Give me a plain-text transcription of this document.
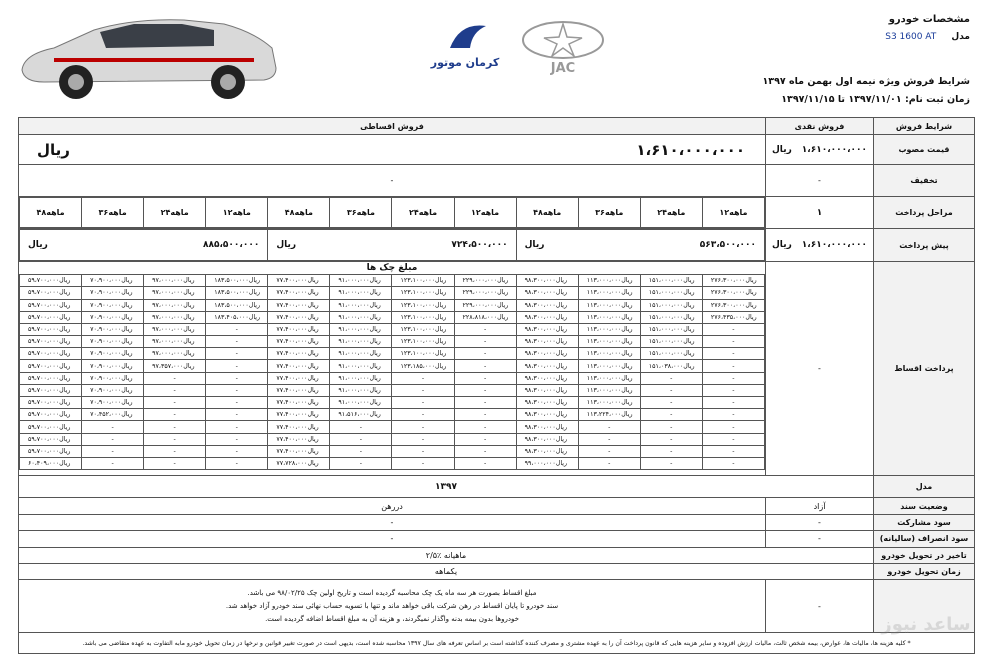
کرمان موتور	JAC
مشخصات خودرو
مدل S3 1600 AT
شرایط فروش ویژه نیمه اول بهمن ماه ۱۳۹۷
زمان ثبت نام: ۱۳۹۷/۱۱/۰۱ تا ۱۳۹۷/۱۱/۱۵
فروش اقساطی	فروش نقدی	شرایط فروش

ریال	۱،۶۱۰،۰۰۰،۰۰۰	ریال ۱،۶۱۰،۰۰۰،۰۰۰	قیمت مصوب
-	-	تخفیف

۴۸ماهه	۳۶ماهه	۲۴ماهه	۱۲ماهه	۴۸ماهه	۳۶ماهه	۲۴ماهه	۱۲ماهه	۴۸ماهه	۳۶ماهه	۲۴ماهه	۱۲ماهه
		۱	مراحل پرداخت

ریال	۸۸۵،۵۰۰،۰۰۰	ریال	۷۲۴،۵۰۰،۰۰۰	ریال	۵۶۳،۵۰۰،۰۰۰
	ریال ۱،۶۱۰،۰۰۰،۰۰۰	پیش پرداخت

مبلغ چک ها
ریال۵۹،۷۰۰،۰۰۰	ریال۷۰،۹۰۰،۰۰۰	ریال۹۷،۰۰۰،۰۰۰	ریال۱۸۳،۵۰۰،۰۰۰	ریال۷۷،۴۰۰،۰۰۰	ریال۹۱،۰۰۰،۰۰۰	ریال۱۲۳،۱۰۰،۰۰۰	ریال۲۲۹،۰۰۰،۰۰۰	ریال۹۸،۳۰۰،۰۰۰	ریال۱۱۳،۰۰۰،۰۰۰	ریال۱۵۱،۰۰۰،۰۰۰	ریال۲۷۶،۳۰۰،۰۰۰
ریال۵۹،۷۰۰،۰۰۰	ریال۷۰،۹۰۰،۰۰۰	ریال۹۷،۰۰۰،۰۰۰	ریال۱۸۳،۵۰۰،۰۰۰	ریال۷۷،۴۰۰،۰۰۰	ریال۹۱،۰۰۰،۰۰۰	ریال۱۲۳،۱۰۰،۰۰۰	ریال۲۲۹،۰۰۰،۰۰۰	ریال۹۸،۳۰۰،۰۰۰	ریال۱۱۳،۰۰۰،۰۰۰	ریال۱۵۱،۰۰۰،۰۰۰	ریال۲۷۶،۳۰۰،۰۰۰
ریال۵۹،۷۰۰،۰۰۰	ریال۷۰،۹۰۰،۰۰۰	ریال۹۷،۰۰۰،۰۰۰	ریال۱۸۳،۵۰۰،۰۰۰	ریال۷۷،۴۰۰،۰۰۰	ریال۹۱،۰۰۰،۰۰۰	ریال۱۲۳،۱۰۰،۰۰۰	ریال۲۲۹،۰۰۰،۰۰۰	ریال۹۸،۳۰۰،۰۰۰	ریال۱۱۳،۰۰۰،۰۰۰	ریال۱۵۱،۰۰۰،۰۰۰	ریال۲۷۶،۳۰۰،۰۰۰
ریال۵۹،۷۰۰،۰۰۰	ریال۷۰،۹۰۰،۰۰۰	ریال۹۷،۰۰۰،۰۰۰	ریال۱۸۳،۴۰۵،۰۰۰	ریال۷۷،۴۰۰،۰۰۰	ریال۹۱،۰۰۰،۰۰۰	ریال۱۲۳،۱۰۰،۰۰۰	ریال۲۲۸،۸۱۸،۰۰۰	ریال۹۸،۳۰۰،۰۰۰	ریال۱۱۳،۰۰۰،۰۰۰	ریال۱۵۱،۰۰۰،۰۰۰	ریال۲۷۶،۴۳۵،۰۰۰
ریال۵۹،۷۰۰،۰۰۰	ریال۷۰،۹۰۰،۰۰۰	ریال۹۷،۰۰۰،۰۰۰	-	ریال۷۷،۴۰۰،۰۰۰	ریال۹۱،۰۰۰،۰۰۰	ریال۱۲۳،۱۰۰،۰۰۰	-	ریال۹۸،۳۰۰،۰۰۰	ریال۱۱۳،۰۰۰،۰۰۰	ریال۱۵۱،۰۰۰،۰۰۰	-
ریال۵۹،۷۰۰،۰۰۰	ریال۷۰،۹۰۰،۰۰۰	ریال۹۷،۰۰۰،۰۰۰	-	ریال۷۷،۴۰۰،۰۰۰	ریال۹۱،۰۰۰،۰۰۰	ریال۱۲۳،۱۰۰،۰۰۰	-	ریال۹۸،۳۰۰،۰۰۰	ریال۱۱۳،۰۰۰،۰۰۰	ریال۱۵۱،۰۰۰،۰۰۰	-
ریال۵۹،۷۰۰،۰۰۰	ریال۷۰،۹۰۰،۰۰۰	ریال۹۷،۰۰۰،۰۰۰	-	ریال۷۷،۴۰۰،۰۰۰	ریال۹۱،۰۰۰،۰۰۰	ریال۱۲۳،۱۰۰،۰۰۰	-	ریال۹۸،۳۰۰،۰۰۰	ریال۱۱۳،۰۰۰،۰۰۰	ریال۱۵۱،۰۰۰،۰۰۰	-
ریال۵۹،۷۰۰،۰۰۰	ریال۷۰،۹۰۰،۰۰۰	ریال۹۷،۳۵۷،۰۰۰	-	ریال۷۷،۴۰۰،۰۰۰	ریال۹۱،۰۰۰،۰۰۰	ریال۱۲۳،۱۸۵،۰۰۰	-	ریال۹۸،۳۰۰،۰۰۰	ریال۱۱۳،۰۰۰،۰۰۰	ریال۱۵۱،۰۳۸،۰۰۰	-
ریال۵۹،۷۰۰،۰۰۰	ریال۷۰،۹۰۰،۰۰۰	-	-	ریال۷۷،۴۰۰،۰۰۰	ریال۹۱،۰۰۰،۰۰۰	-	-	ریال۹۸،۳۰۰،۰۰۰	ریال۱۱۳،۰۰۰،۰۰۰	-	-
ریال۵۹،۷۰۰،۰۰۰	ریال۷۰،۹۰۰،۰۰۰	-	-	ریال۷۷،۴۰۰،۰۰۰	ریال۹۱،۰۰۰،۰۰۰	-	-	ریال۹۸،۳۰۰،۰۰۰	ریال۱۱۳،۰۰۰،۰۰۰	-	-
ریال۵۹،۷۰۰،۰۰۰	ریال۷۰،۹۰۰،۰۰۰	-	-	ریال۷۷،۴۰۰،۰۰۰	ریال۹۱،۰۰۰،۰۰۰	-	-	ریال۹۸،۳۰۰،۰۰۰	ریال۱۱۳،۰۰۰،۰۰۰	-	-
ریال۵۹،۷۰۰،۰۰۰	ریال۷۰،۴۵۲،۰۰۰	-	-	ریال۷۷،۴۰۰،۰۰۰	ریال۹۱،۵۱۶،۰۰۰	-	-	ریال۹۸،۳۰۰،۰۰۰	ریال۱۱۳،۲۲۴،۰۰۰	-	-
ریال۵۹،۷۰۰،۰۰۰	-	-	-	ریال۷۷،۴۰۰،۰۰۰	-	-	-	ریال۹۸،۳۰۰،۰۰۰	-	-	-
ریال۵۹،۷۰۰،۰۰۰	-	-	-	ریال۷۷،۴۰۰،۰۰۰	-	-	-	ریال۹۸،۳۰۰،۰۰۰	-	-	-
ریال۵۹،۷۰۰،۰۰۰	-	-	-	ریال۷۷،۴۰۰،۰۰۰	-	-	-	ریال۹۸،۳۰۰،۰۰۰	-	-	-
ریال۶۰،۴۰۹،۰۰۰	-	-	-	ریال۷۷،۷۲۸،۰۰۰	-	-	-	ریال۹۹،۰۰۰،۰۰۰	-	-	-
	-	پرداخت اقساط
۱۳۹۷	مدل
دررهن	آزاد	وضعیت سند
-	-	سود مشارکت
-	-	سود انصراف (سالیانه)
۲/۵٪ ماهیانه	تاخیر در تحویل خودرو
یکماهه	زمان تحویل خودرو

مبلغ اقساط بصورت هر سه ماه یک چک محاسبه گردیده است و تاریخ اولین چک ۹۸/۰۲/۲۵ می باشد.
سند خودرو تا پایان اقساط در رهن شرکت باقی خواهد ماند و تنها با تسویه حساب نهائی سند خودرو آزاد خواهد شد.
خودروها بدون بیمه بدنه واگذار نمیگردند، و هزینه آن به مبلغ اقساط اضافه گردیده است.
	-	
* کلیه هزینه ها، مالیات ها، عوارض، بیمه شخص ثالث، مالیات ارزش افزوده و سایر هزینه هایی که قانون پرداخت آن را به عهده مشتری و مصرف کننده گذاشته است بر اساس تعرفه های سال ۱۳۹۷ محاسبه شده است، بدیهی است در صورت تغییر قوانین و نرخها در زمان تحویل خودرو مابه التفاوت به عهده متقاضی می باشد.
ساعد نیوز
